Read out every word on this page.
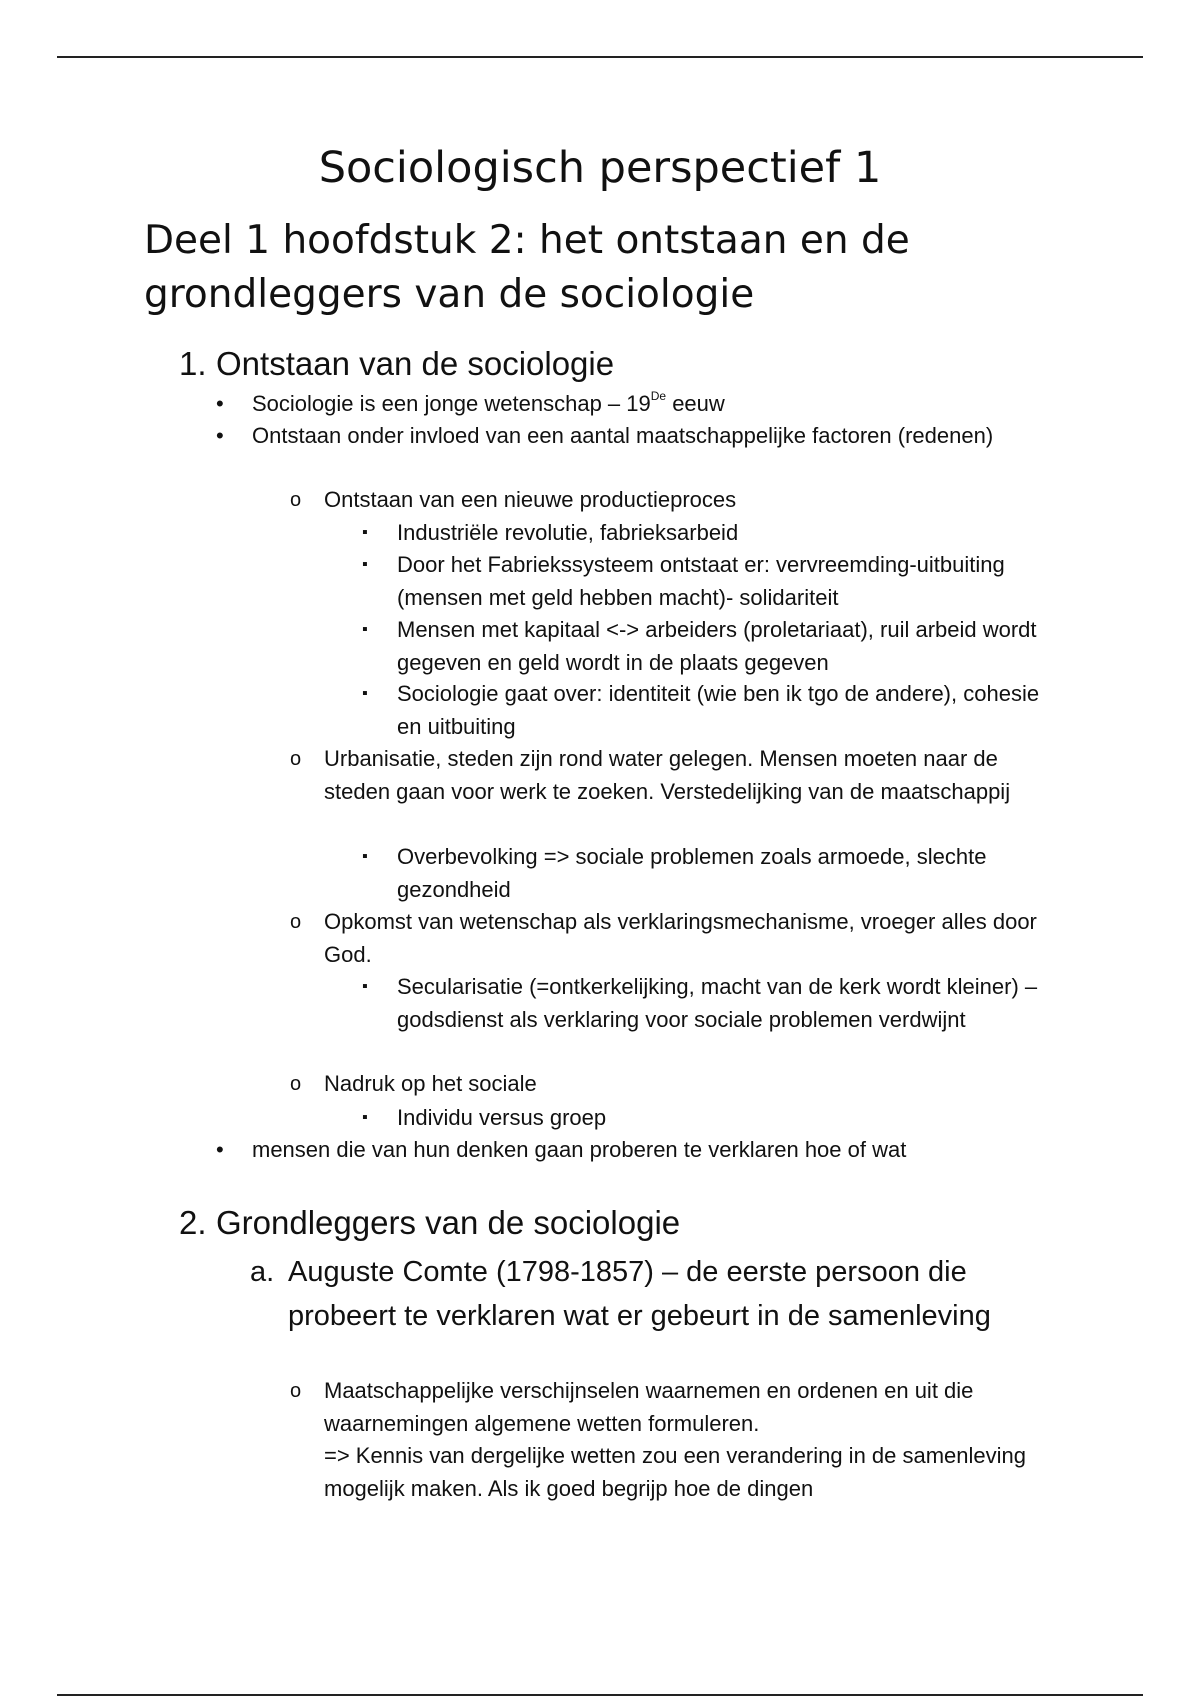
Sociologisch perspectief 1
Deel 1 hoofdstuk 2: het ontstaan en de grondleggers van de sociologie
1. Ontstaan van de sociologie
• Sociologie is een jonge wetenschap – 19De eeuw
• Ontstaan onder invloed van een aantal maatschappelijke factoren (redenen)
o Ontstaan van een nieuwe productieproces
▪ Industriële revolutie, fabrieksarbeid
▪ Door het Fabriekssysteem ontstaat er: vervreemding-uitbuiting (mensen met geld hebben macht)- solidariteit
▪ Mensen met kapitaal <-> arbeiders (proletariaat), ruil arbeid wordt gegeven en geld wordt in de plaats gegeven
▪ Sociologie gaat over: identiteit (wie ben ik tgo de andere), cohesie en uitbuiting
o Urbanisatie, steden zijn rond water gelegen. Mensen moeten naar de steden gaan voor werk te zoeken. Verstedelijking van de maatschappij
▪ Overbevolking => sociale problemen zoals armoede, slechte gezondheid
o Opkomst van wetenschap als verklaringsmechanisme, vroeger alles door God.
▪ Secularisatie (=ontkerkelijking, macht van de kerk wordt kleiner) – godsdienst als verklaring voor sociale problemen verdwijnt
o Nadruk op het sociale
▪ Individu versus groep
• mensen die van hun denken gaan proberen te verklaren hoe of wat
2. Grondleggers van de sociologie
a. Auguste Comte (1798-1857) – de eerste persoon die probeert te verklaren wat er gebeurt in de samenleving
o Maatschappelijke verschijnselen waarnemen en ordenen en uit die waarnemingen algemene wetten formuleren.
=> Kennis van dergelijke wetten zou een verandering in de samenleving mogelijk maken. Als ik goed begrijp hoe de dingen
